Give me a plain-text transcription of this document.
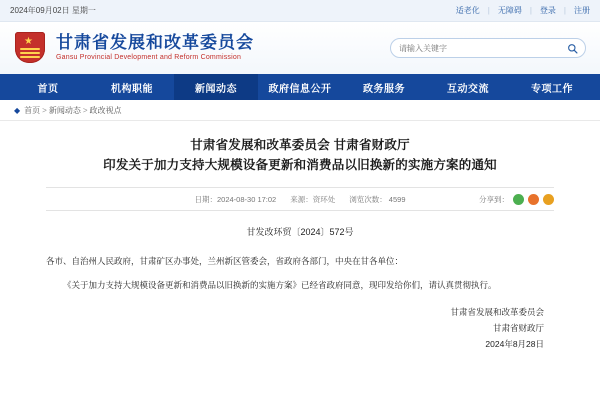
2024年09月02日 星期一	适老化 | 无障碍 | 登录 | 注册
★ 甘肃省发展和改革委员会
Gansu Provincial Development and Reform Commission
请输入关键字
首页	机构职能	新闻动态	政府信息公开	政务服务	互动交流	专项工作
◆ 首页 > 新闻动态 > 政改视点
甘肃省发展和改革委员会 甘肃省财政厅
印发关于加力支持大规模设备更新和消费品以旧换新的实施方案的通知
日期：2024-08-30 17:02 来源：资环处 浏览次数： 4599	分享到：
甘发改环贸〔2024〕572号

各市、自治州人民政府，甘肃矿区办事处，兰州新区管委会，省政府各部门，中央在甘各单位：

《关于加力支持大规模设备更新和消费品以旧换新的实施方案》已经省政府同意，现印发给你们，请认真贯彻执行。

甘肃省发展和改革委员会
甘肃省财政厅
2024年8月28日
